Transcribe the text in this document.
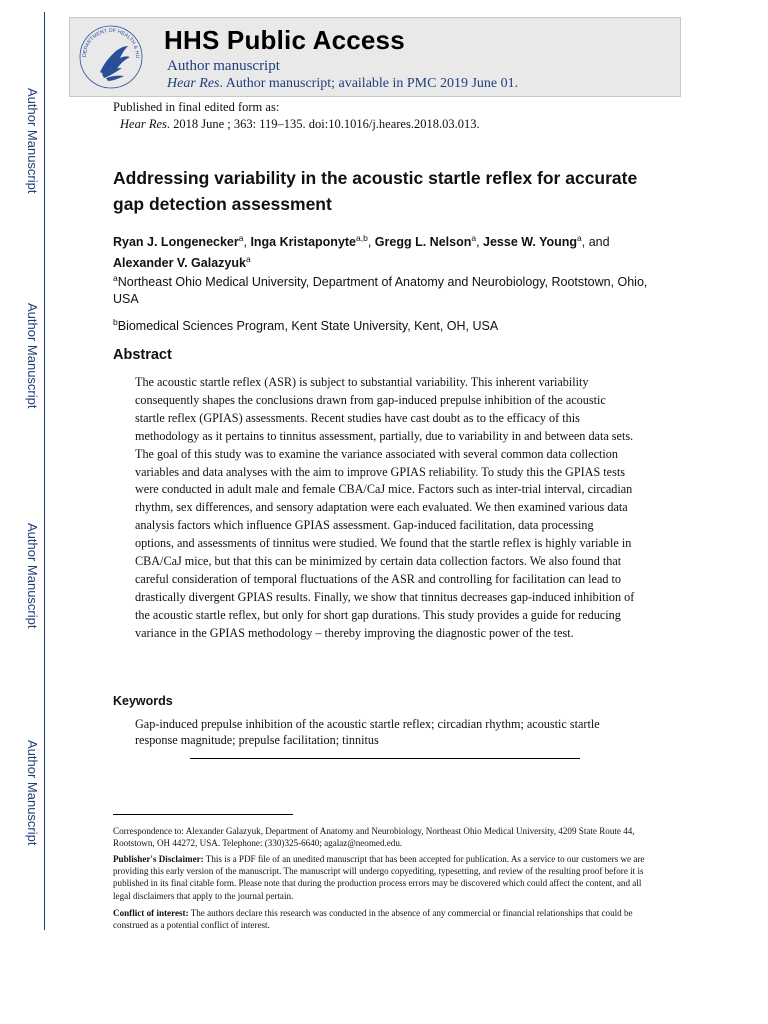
Author Manuscript
Author Manuscript
Author Manuscript
Author Manuscript
DEPARTMENT OF HEALTH & HU
HHS Public Access
Author manuscript
Hear Res. Author manuscript; available in PMC 2019 June 01.
Published in final edited form as:
Hear Res. 2018 June ; 363: 119–135. doi:10.1016/j.heares.2018.03.013.
Addressing variability in the acoustic startle reflex for accurate gap detection assessment
Ryan J. Longenecker$^a$, Inga Kristaponyte$^{a,b}$, Gregg L. Nelson$^a$, Jesse W. Young$^a$, and
Alexander V. Galazyuk$^a$
$^a$Northeast Ohio Medical University, Department of Anatomy and Neurobiology, Rootstown, Ohio, USA
$^b$Biomedical Sciences Program, Kent State University, Kent, OH, USA
Abstract

The acoustic startle reflex (ASR) is subject to substantial variability. This inherent variability consequently shapes the conclusions drawn from gap-induced prepulse inhibition of the acoustic startle reflex (GPIAS) assessments. Recent studies have cast doubt as to the efficacy of this methodology as it pertains to tinnitus assessment, partially, due to variability in and between data sets. The goal of this study was to examine the variance associated with several common data collection variables and data analyses with the aim to improve GPIAS reliability. To study this the GPIAS tests were conducted in adult male and female CBA/CaJ mice. Factors such as inter-trial interval, circadian rhythm, sex differences, and sensory adaptation were each evaluated. We then examined various data analysis factors which influence GPIAS assessment. Gap-induced facilitation, data processing options, and assessments of tinnitus were studied. We found that the startle reflex is highly variable in CBA/CaJ mice, but that this can be minimized by certain data collection factors. We also found that careful consideration of temporal fluctuations of the ASR and controlling for facilitation can lead to drastically divergent GPIAS results. Finally, we show that tinnitus decreases gap-induced inhibition of the acoustic startle reflex, but only for short gap durations. This study provides a guide for reducing variance in the GPIAS methodology – thereby improving the diagnostic power of the test.

Keywords

Gap-induced prepulse inhibition of the acoustic startle reflex; circadian rhythm; acoustic startle response magnitude; prepulse facilitation; tinnitus

Correspondence to: Alexander Galazyuk, Department of Anatomy and Neurobiology, Northeast Ohio Medical University, 4209 State Route 44, Rootstown, OH 44272, USA. Telephone: (330)325-6640; agalaz@neomed.edu.

Publisher's Disclaimer: This is a PDF file of an unedited manuscript that has been accepted for publication. As a service to our customers we are providing this early version of the manuscript. The manuscript will undergo copyediting, typesetting, and review of the resulting proof before it is published in its final citable form. Please note that during the production process errors may be discovered which could affect the content, and all legal disclaimers that apply to the journal pertain.

Conflict of interest: The authors declare this research was conducted in the absence of any commercial or financial relationships that could be construed as a potential conflict of interest.
